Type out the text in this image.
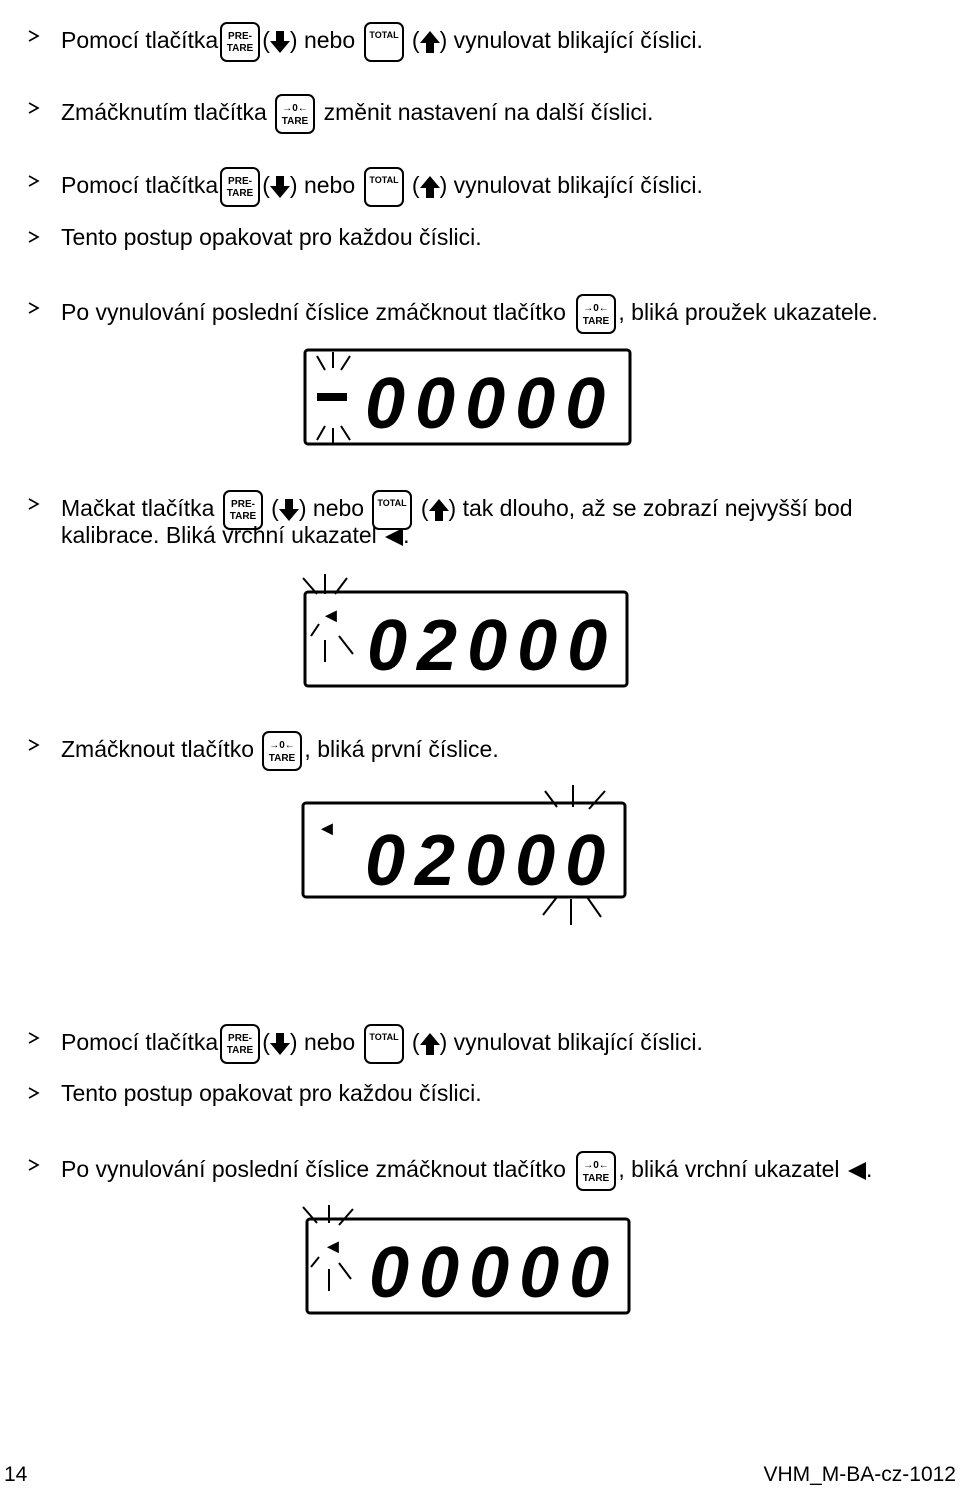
Pomocí tlačítka PRE-
TARE ( ) nebo TOTAL ( ) vynulovat blikající číslici.
Zmáčknutím tlačítka →0←
TARE změnit nastavení na další číslici.
Pomocí tlačítka PRE-
TARE ( ) nebo TOTAL ( ) vynulovat blikající číslici.
Tento postup opakovat pro každou číslici.
Po vynulování poslední číslice zmáčknout tlačítko →0←
TARE , bliká proužek ukazatele.
00000
Mačkat tlačítka PRE-
TARE ( ) nebo TOTAL ( ) tak dlouho, až se zobrazí nejvyšší bod
kalibrace. Bliká vrchní ukazatel .
◄ 02000
Zmáčknout tlačítko →0←
TARE , bliká první číslice.
◄ 02000
Pomocí tlačítka PRE-
TARE ( ) nebo TOTAL ( ) vynulovat blikající číslici.
Tento postup opakovat pro každou číslici.
Po vynulování poslední číslice zmáčknout tlačítko →0←
TARE , bliká vrchní ukazatel .
◄ 00000
14	VHM_M-BA-cz-1012
